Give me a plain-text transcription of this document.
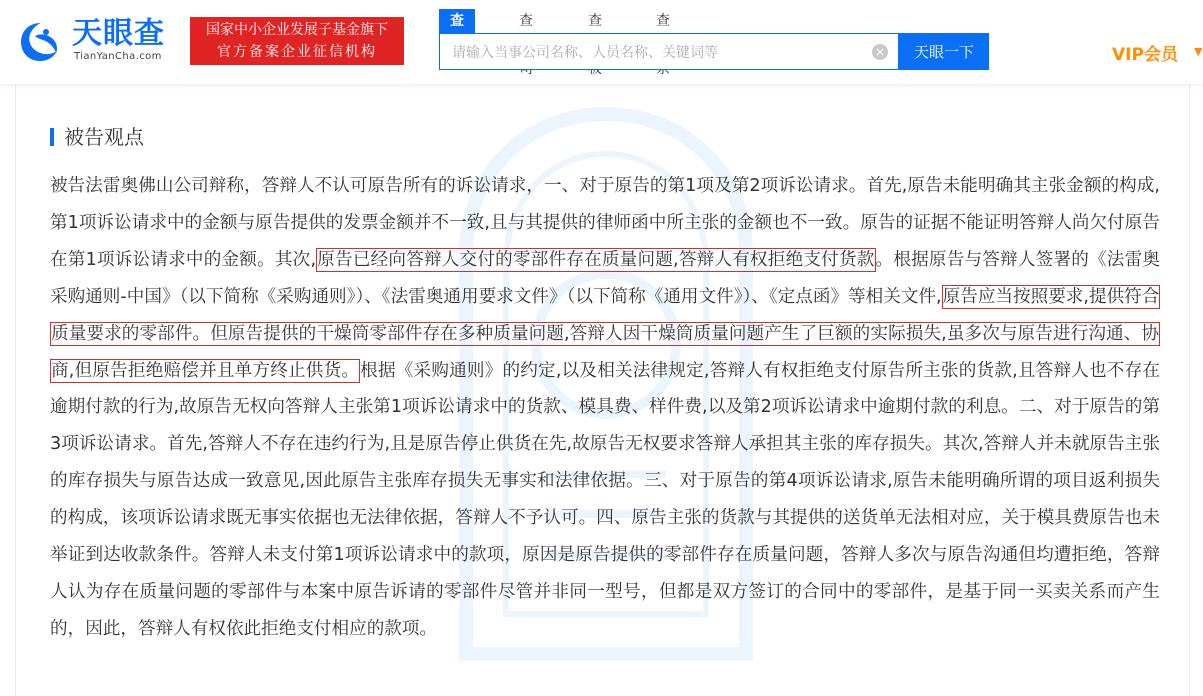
天眼查
TianYanCha.com
国家中小企业发展子基金旗下
官方备案企业征信机构
查	查	查	查
请输入当事公司名称、人员名称、关键词等
×	天眼一下	VIP会员 ▼
被告观点
被告法雷奥佛山公司辩称，答辩人不认可原告所有的诉讼请求，一、对于原告的第1项及第2项诉讼请求。首先,原告未能明确其主张金额的构成,第1项诉讼请求中的金额与原告提供的发票金额并不一致,且与其提供的律师函中所主张的金额也不一致。原告的证据不能证明答辩人尚欠付原告在第1项诉讼请求中的金额。其次,原告已经向答辩人交付的零部件存在质量问题,答辩人有权拒绝支付货款。根据原告与答辩人签署的《法雷奥采购通则-中国》（以下简称《采购通则》）、《法雷奥通用要求文件》（以下简称《通用文件》）、《定点函》等相关文件,原告应当按照要求,提供符合质量要求的零部件。但原告提供的干燥筒零部件存在多种质量问题,答辩人因干燥筒质量问题产生了巨额的实际损失,虽多次与原告进行沟通、协商,但原告拒绝赔偿并且单方终止供货。根据《采购通则》的约定,以及相关法律规定,答辩人有权拒绝支付原告所主张的货款,且答辩人也不存在逾期付款的行为,故原告无权向答辩人主张第1项诉讼请求中的货款、模具费、样件费,以及第2项诉讼请求中逾期付款的利息。二、对于原告的第3项诉讼请求。首先,答辩人不存在违约行为,且是原告停止供货在先,故原告无权要求答辩人承担其主张的库存损失。其次,答辩人并未就原告主张的库存损失与原告达成一致意见,因此原告主张库存损失无事实和法律依据。三、对于原告的第4项诉讼请求,原告未能明确所谓的项目返利损失的构成，该项诉讼请求既无事实依据也无法律依据，答辩人不予认可。四、原告主张的货款与其提供的送货单无法相对应，关于模具费原告也未举证到达收款条件。答辩人未支付第1项诉讼请求中的款项，原因是原告提供的零部件存在质量问题，答辩人多次与原告沟通但均遭拒绝，答辩人认为存在质量问题的零部件与本案中原告诉请的零部件尽管并非同一型号，但都是双方签订的合同中的零部件，是基于同一买卖关系而产生的，因此，答辩人有权依此拒绝支付相应的款项。
